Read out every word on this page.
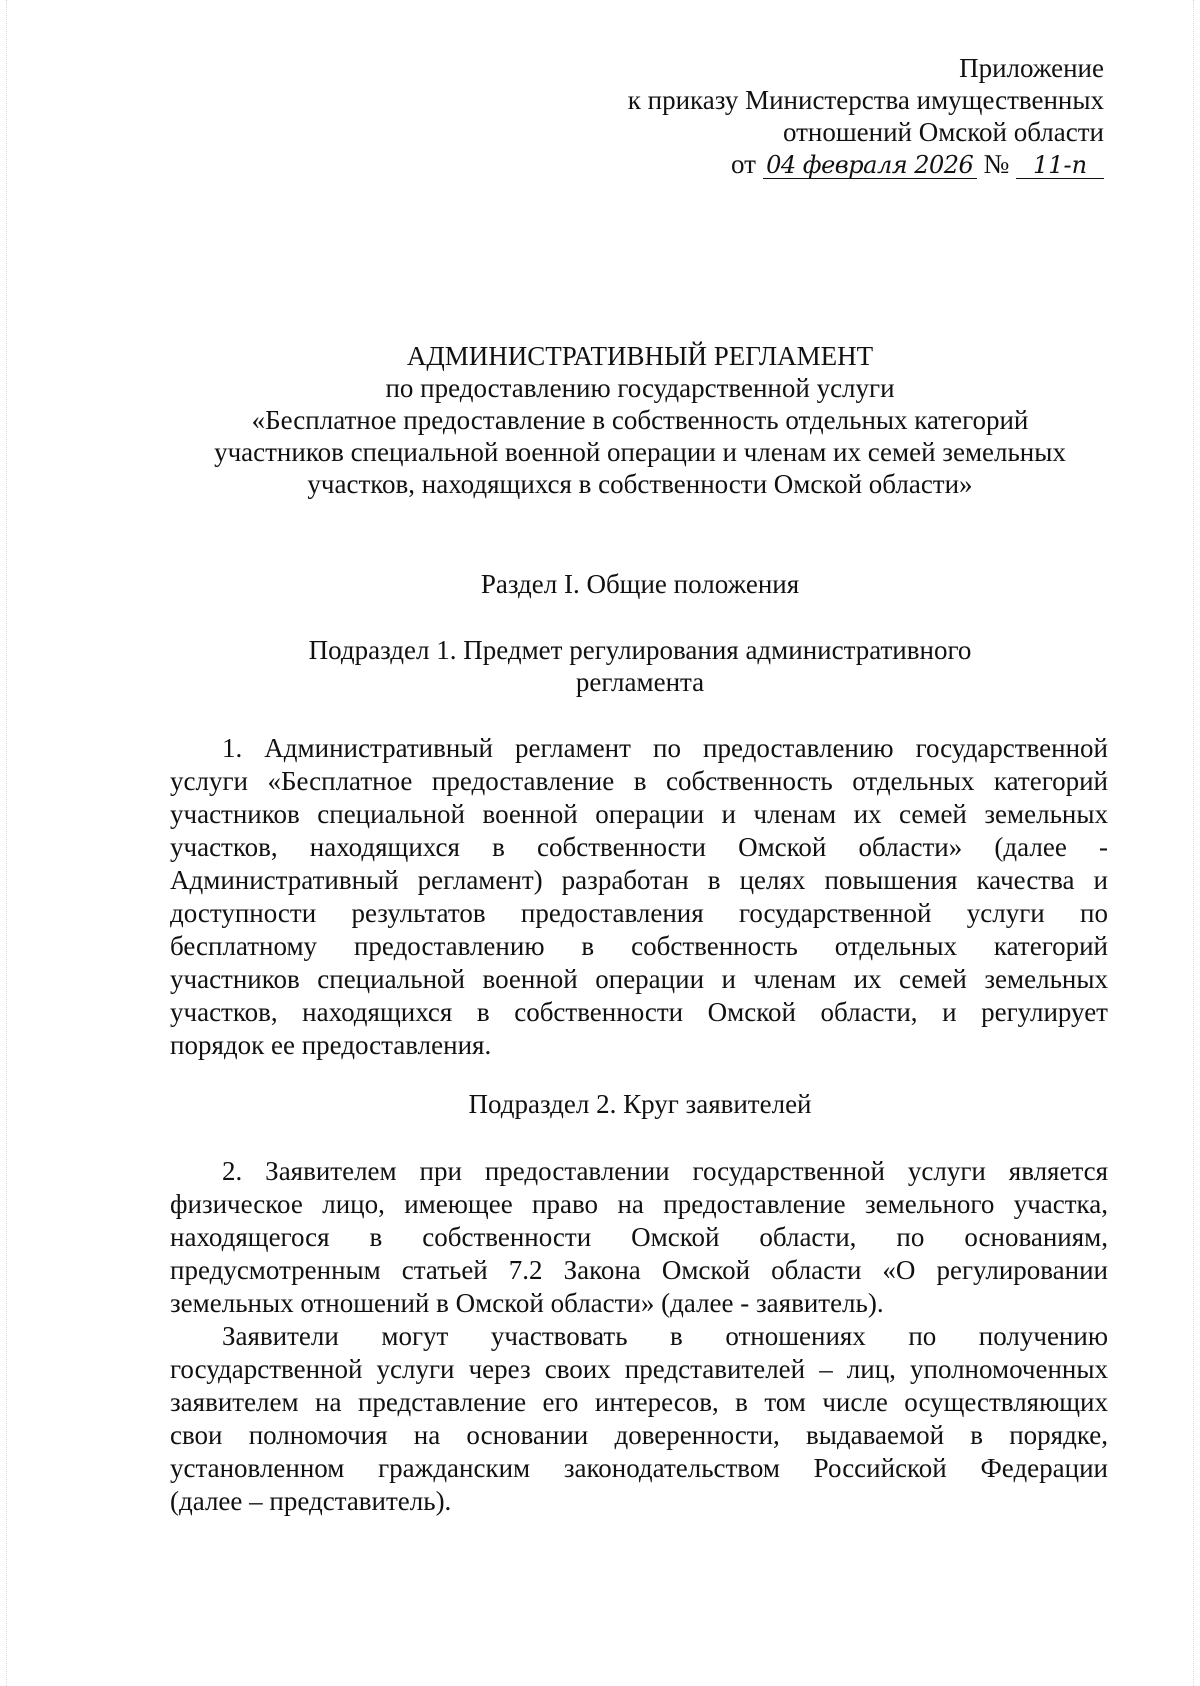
Приложение
к приказу Министерства имущественных
отношений Омской области
от 04 февраля 2026 № 11-п
АДМИНИСТРАТИВНЫЙ РЕГЛАМЕНТ
по предоставлению государственной услуги
«Бесплатное предоставление в собственность отдельных категорий
участников специальной военной операции и членам их семей земельных
участков, находящихся в собственности Омской области»
Раздел I. Общие положения
Подраздел 1. Предмет регулирования административного
регламента
1. Административный регламент по предоставлению государственной
услуги «Бесплатное предоставление в собственность отдельных категорий
участников специальной военной операции и членам их семей земельных
участков, находящихся в собственности Омской области» (далее -
Административный регламент) разработан в целях повышения качества и
доступности результатов предоставления государственной услуги по
бесплатному предоставлению в собственность отдельных категорий
участников специальной военной операции и членам их семей земельных
участков, находящихся в собственности Омской области, и регулирует
порядок ее предоставления.
Подраздел 2. Круг заявителей
2. Заявителем при предоставлении государственной услуги является
физическое лицо, имеющее право на предоставление земельного участка,
находящегося в собственности Омской области, по основаниям,
предусмотренным статьей 7.2 Закона Омской области «О регулировании
земельных отношений в Омской области» (далее - заявитель).
Заявители могут участвовать в отношениях по получению
государственной услуги через своих представителей – лиц, уполномоченных
заявителем на представление его интересов, в том числе осуществляющих
свои полномочия на основании доверенности, выдаваемой в порядке,
установленном гражданским законодательством Российской Федерации
(далее – представитель).
